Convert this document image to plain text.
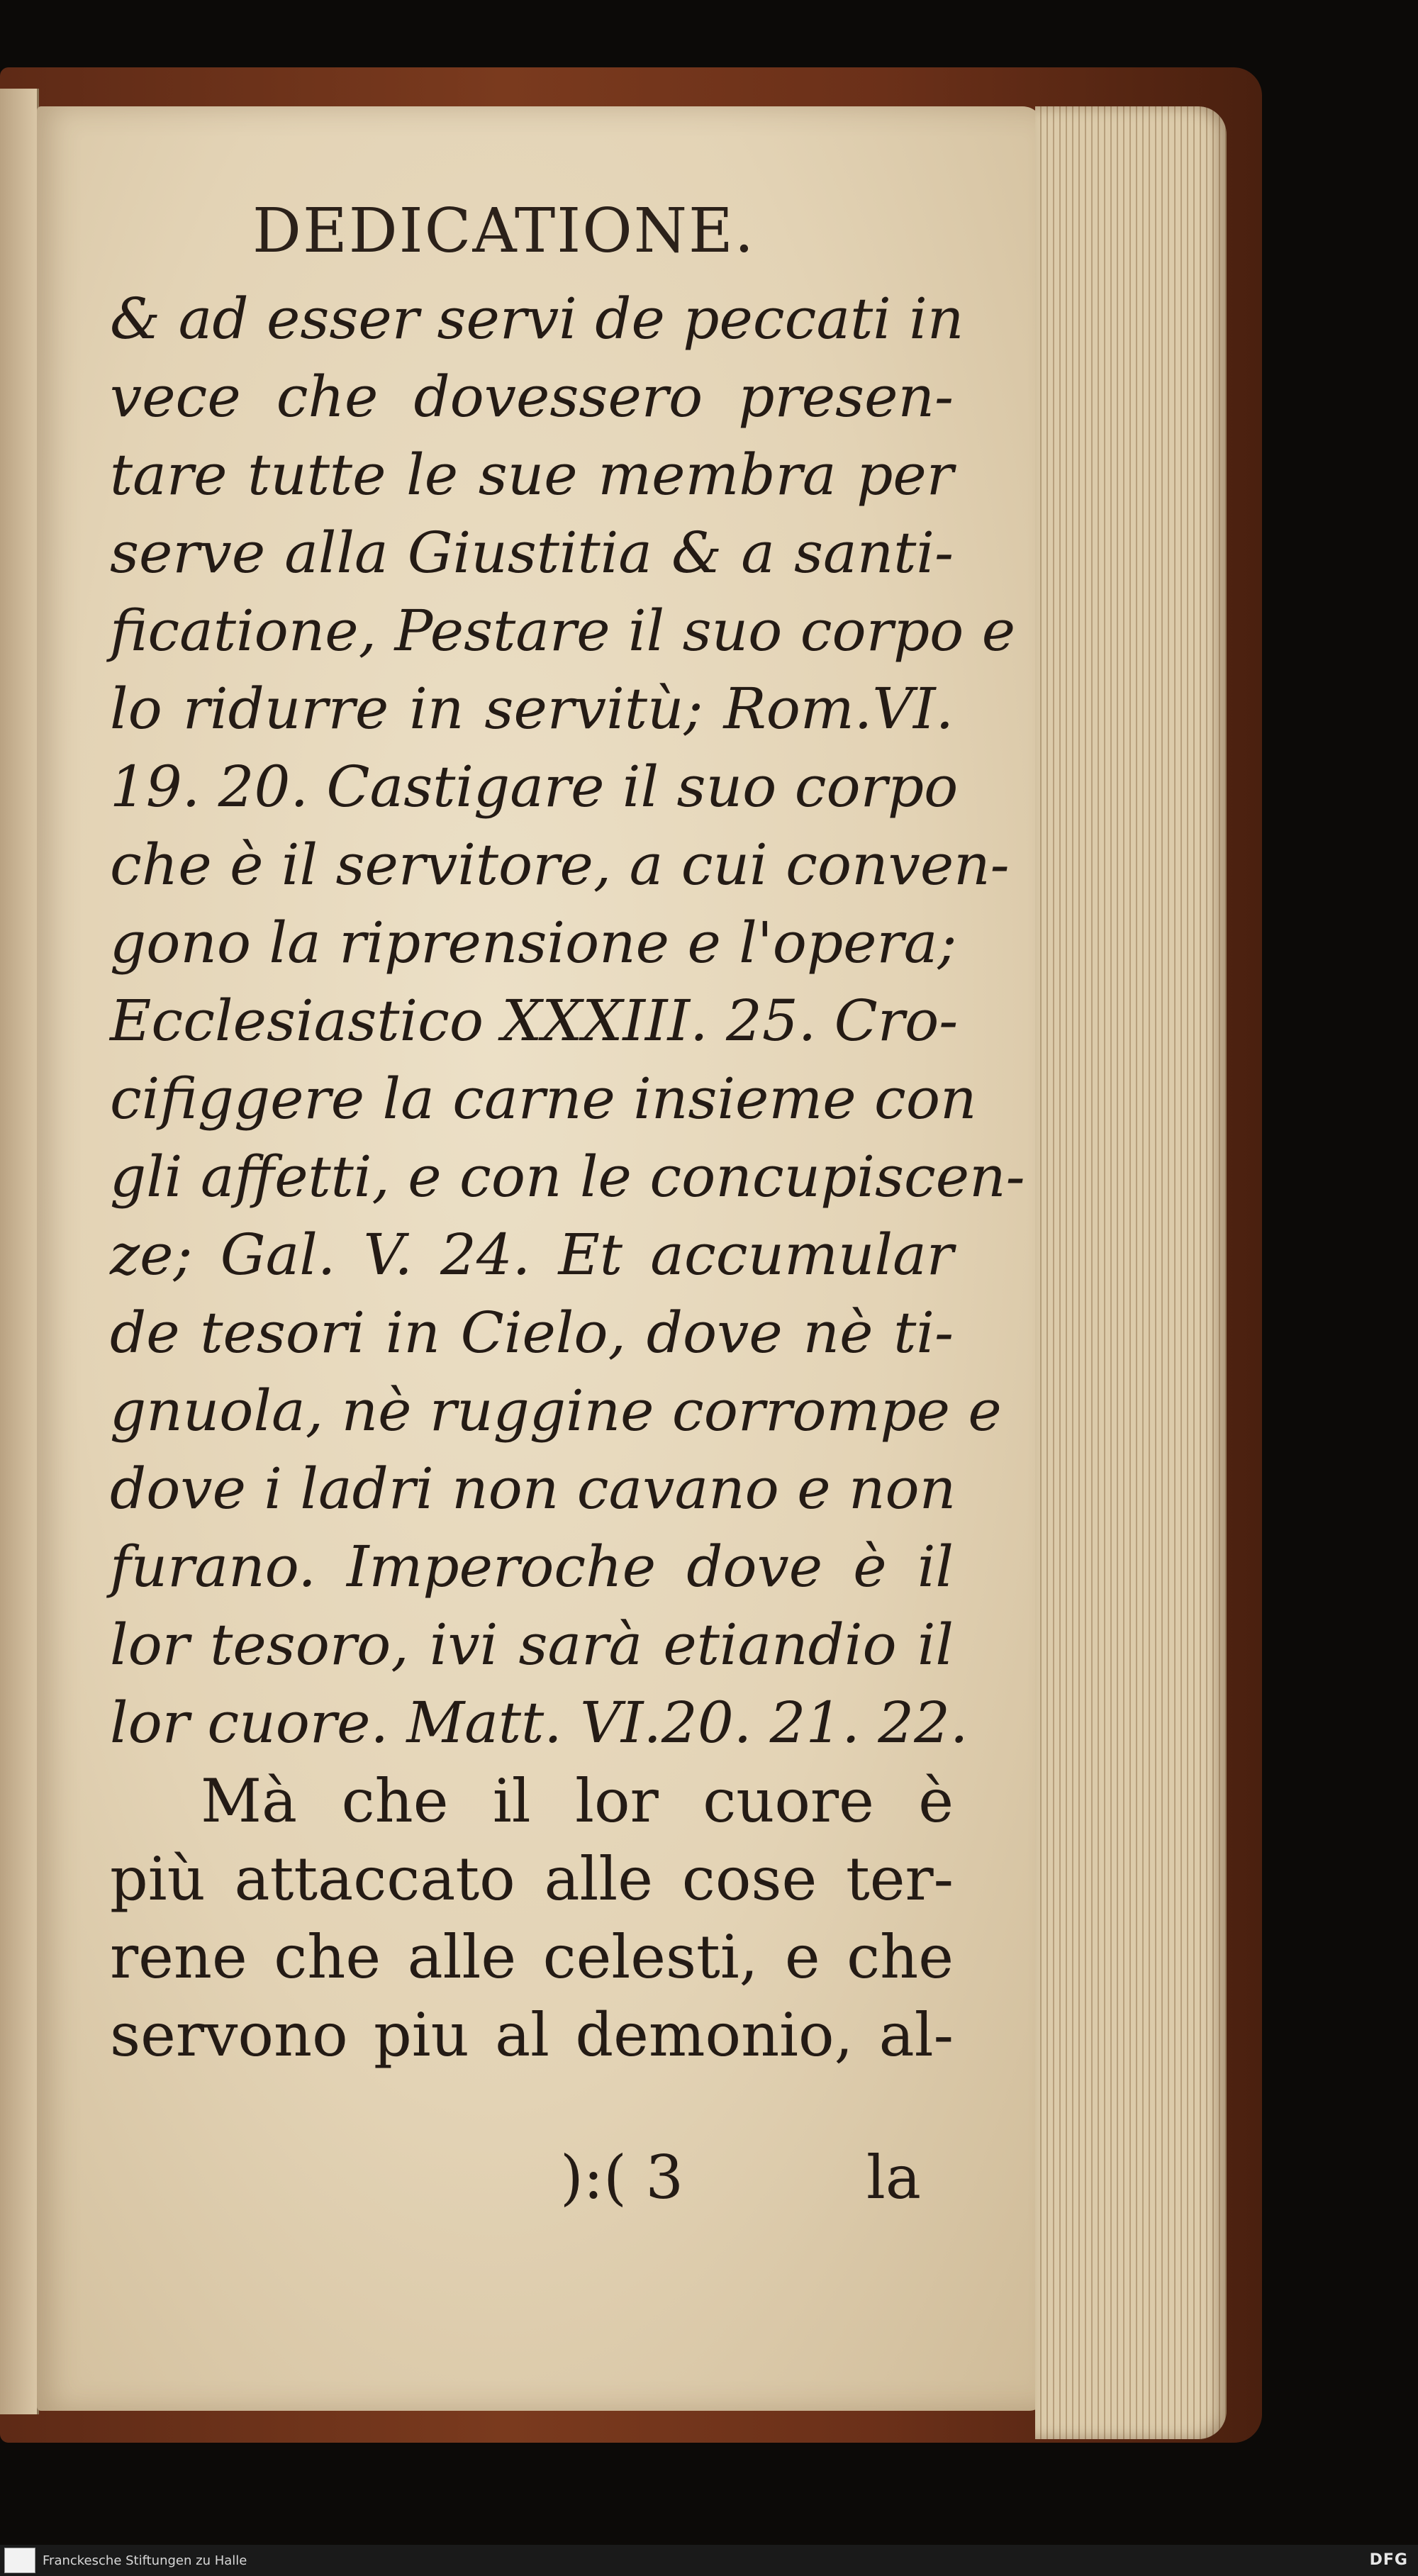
DEDICATIONE.
& ad esser servi de peccati in
vece che dovessero presen-
tare tutte le sue membra per
serve alla Giustitia & a santi-
ficatione, Pestare il suo corpo e
lo ridurre in servitù; Rom.VI.
19. 20. Castigare il suo corpo
che è il servitore, a cui conven-
gono la riprensione e l'opera;
Ecclesiastico XXXIII. 25. Cro-
cifiggere la carne insieme con
gli affetti, e con le concupiscen-
ze; Gal. V. 24. Et accumular
de tesori in Cielo, dove nè ti-
gnuola, nè ruggine corrompe e
dove i ladri non cavano e non
furano. Imperoche dove è il
lor tesoro, ivi sarà etiandio il
lor cuore. Matt. VI.20. 21. 22.
Mà che il lor cuore è
più attaccato alle cose ter-
rene che alle celesti, e che
servono piu al demonio, al-
):( 3	la
Franckesche Stiftungen zu Halle	DFG
